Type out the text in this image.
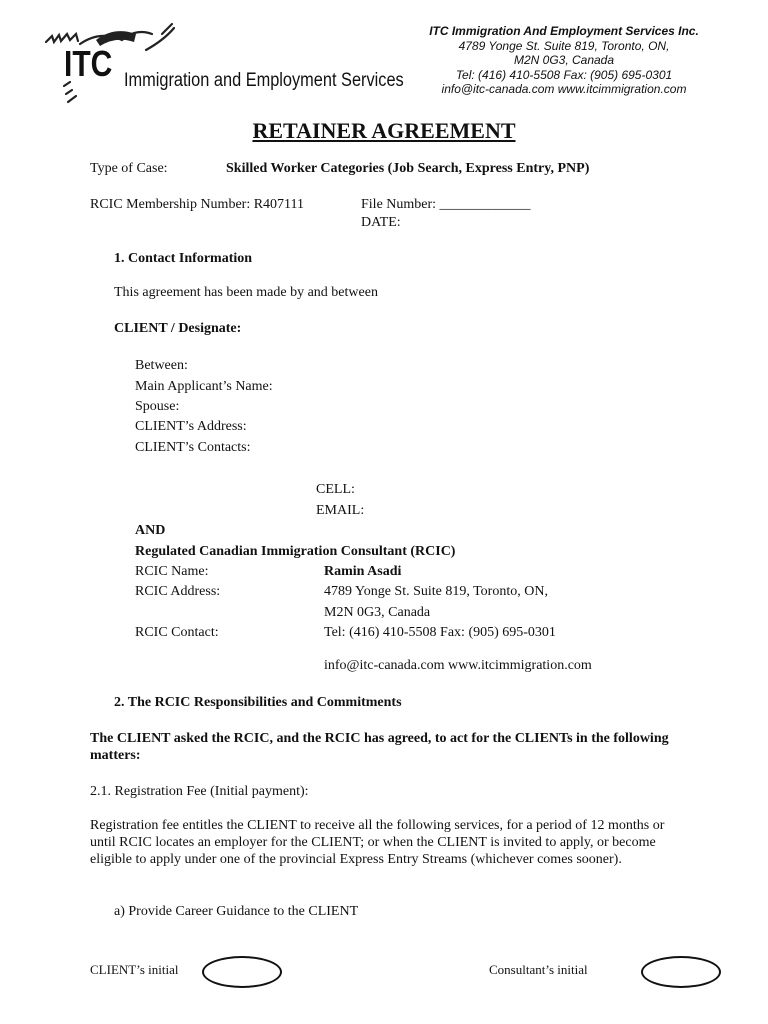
ITC Immigration and Employment Services
ITC Immigration And Employment Services Inc.
4789 Yonge St. Suite 819, Toronto, ON,
M2N 0G3, Canada
Tel: (416) 410-5508 Fax: (905) 695-0301
info@itc-canada.com www.itcimmigration.com
RETAINER AGREEMENT
Type of Case:	Skilled Worker Categories (Job Search, Express Entry, PNP)
RCIC Membership Number: R407111	File Number: _____________
DATE:
1. Contact Information
This agreement has been made by and between
CLIENT / Designate:
Between:
Main Applicant’s Name:
Spouse:
CLIENT’s Address:
CLIENT’s Contacts:
CELL:
EMAIL:
AND
Regulated Canadian Immigration Consultant (RCIC)
RCIC Name:	Ramin Asadi
RCIC Address:	4789 Yonge St. Suite 819, Toronto, ON,
M2N 0G3, Canada
RCIC Contact:	Tel: (416) 410-5508 Fax: (905) 695-0301
info@itc-canada.com www.itcimmigration.com
2. The RCIC Responsibilities and Commitments
The CLIENT asked the RCIC, and the RCIC has agreed, to act for the CLIENTs in the following matters:
2.1. Registration Fee (Initial payment):
Registration fee entitles the CLIENT to receive all the following services, for a period of 12 months or until RCIC locates an employer for the CLIENT; or when the CLIENT is invited to apply, or become eligible to apply under one of the provincial Express Entry Streams (whichever comes sooner).
a) Provide Career Guidance to the CLIENT
CLIENT’s initial	Consultant’s initial
